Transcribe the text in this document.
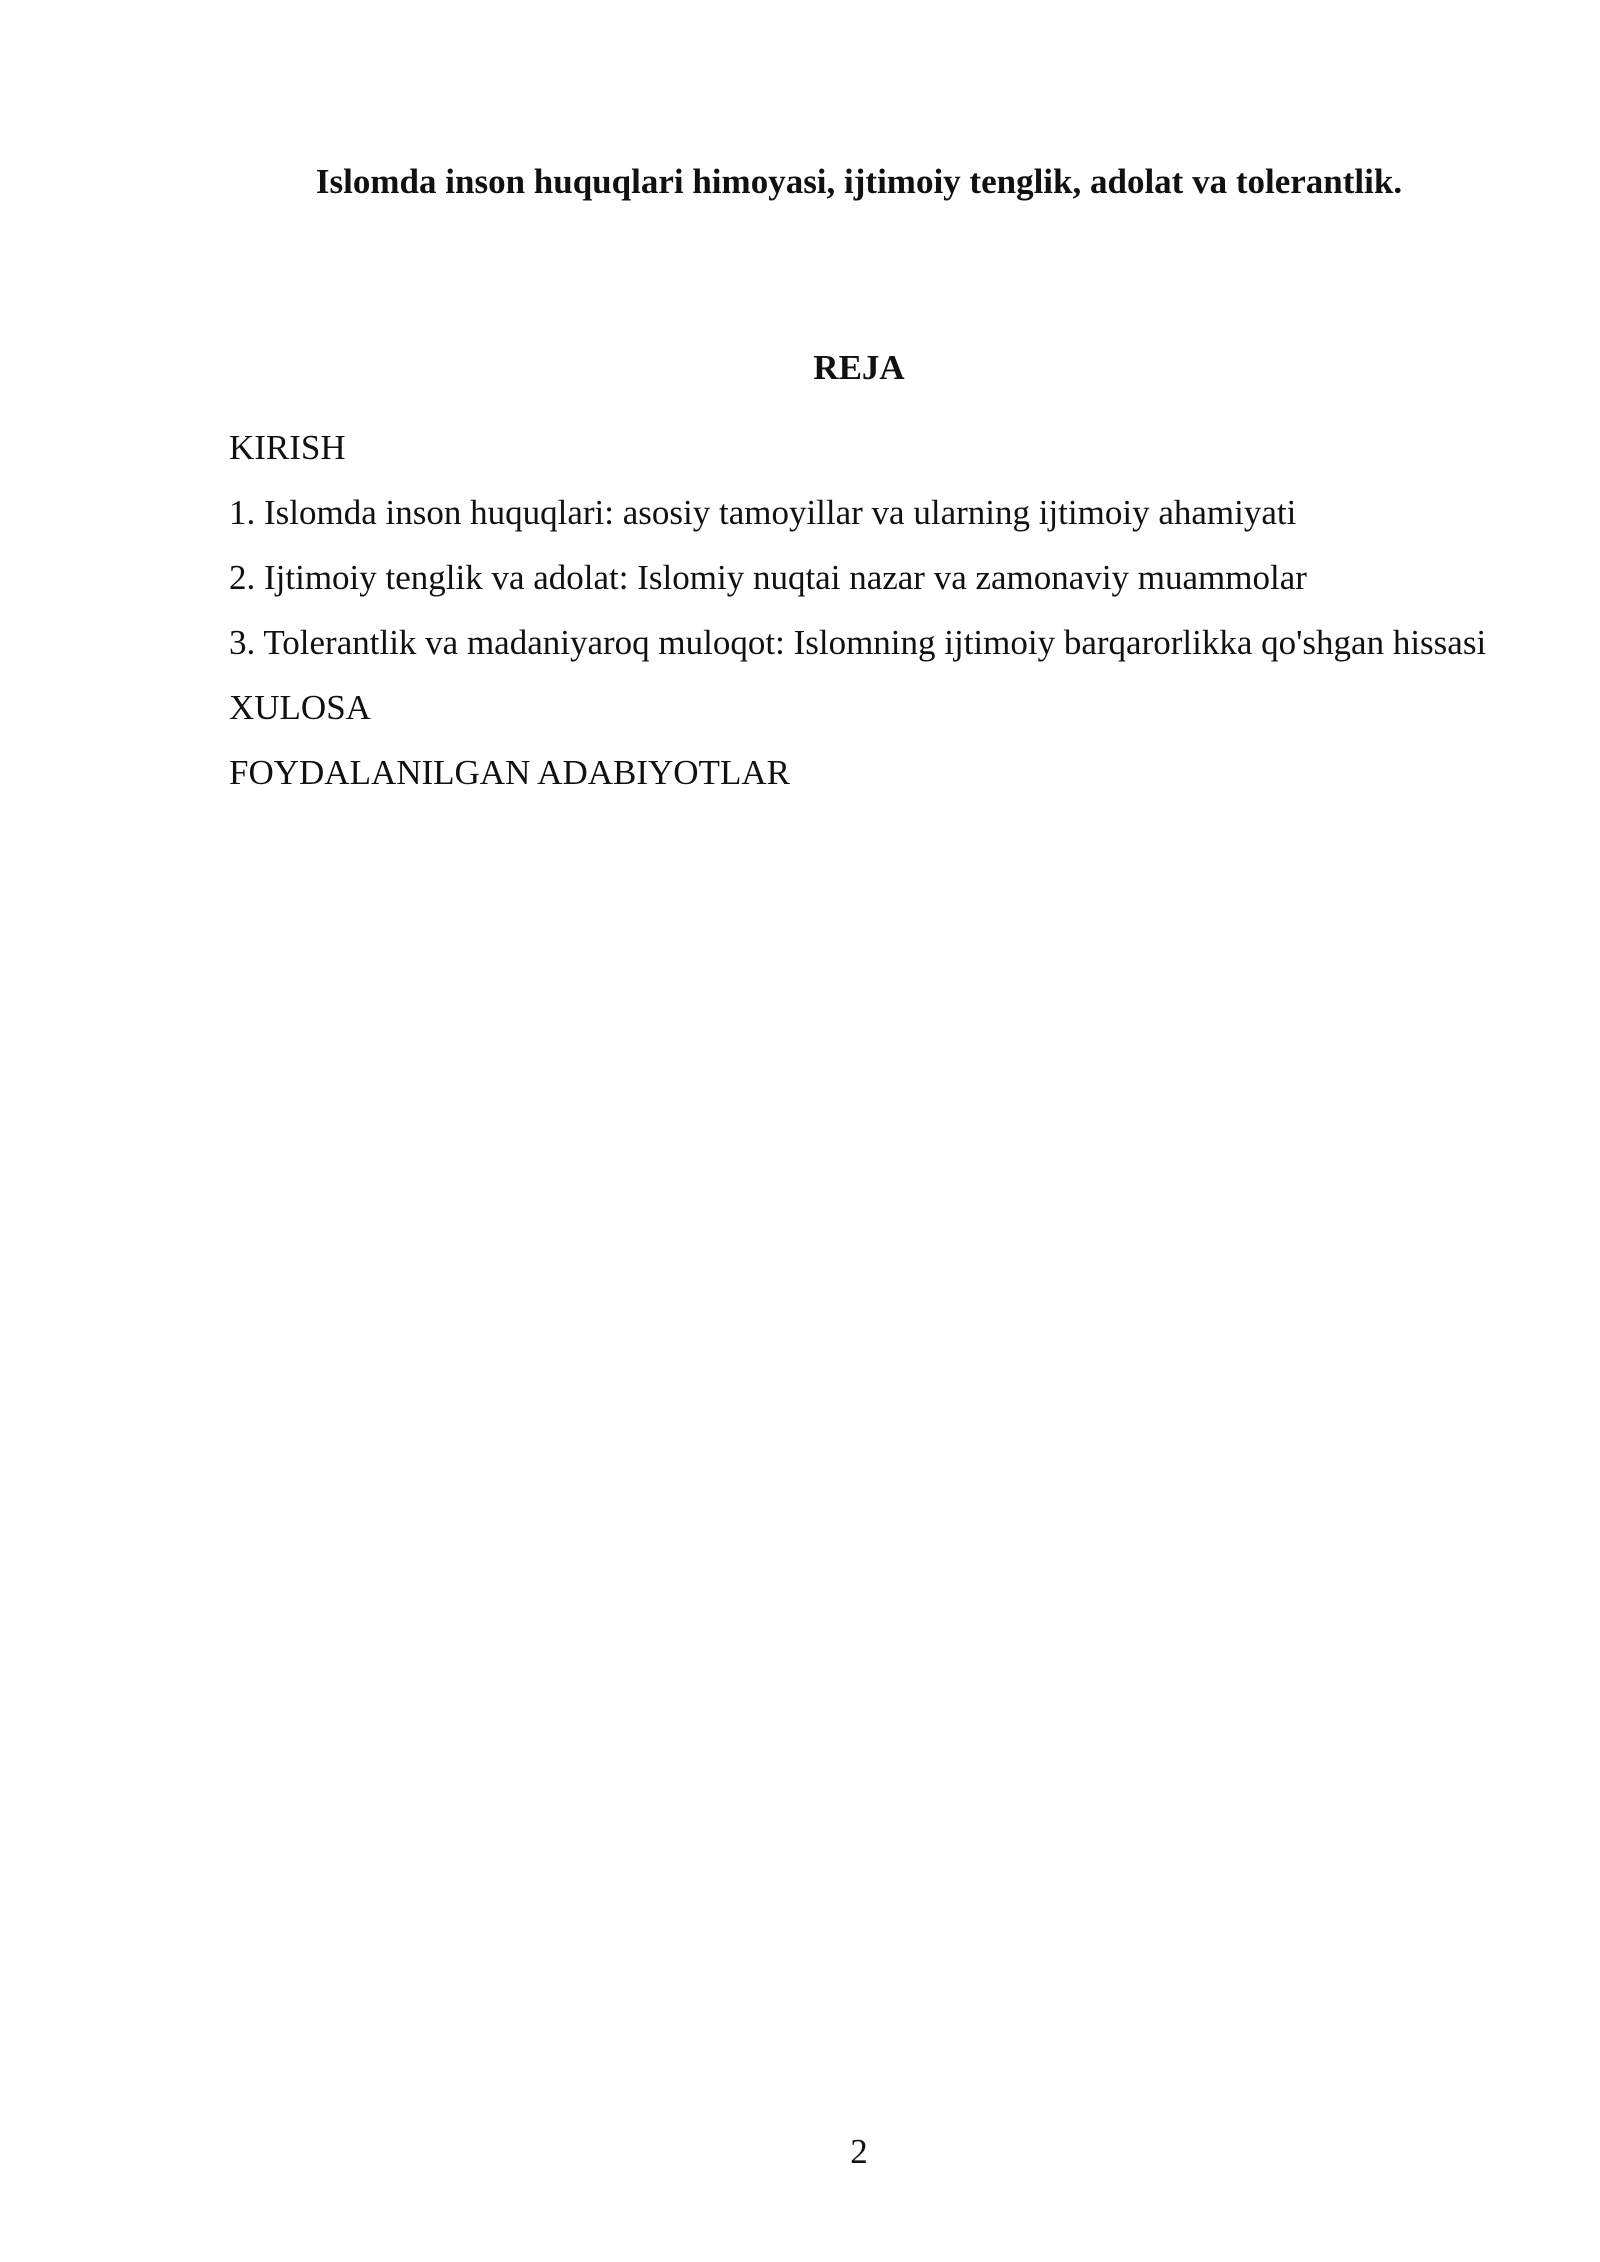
Islomda inson huquqlari himoyasi, ijtimoiy tenglik, adolat va tolerantlik.
REJA
KIRISH
1. Islomda inson huquqlari: asosiy tamoyillar va ularning ijtimoiy ahamiyati
2. Ijtimoiy tenglik va adolat: Islomiy nuqtai nazar va zamonaviy muammolar
3. Tolerantlik va madaniyaroq muloqot: Islomning ijtimoiy barqarorlikka qo'shgan hissasi
XULOSA
FOYDALANILGAN ADABIYOTLAR
2
